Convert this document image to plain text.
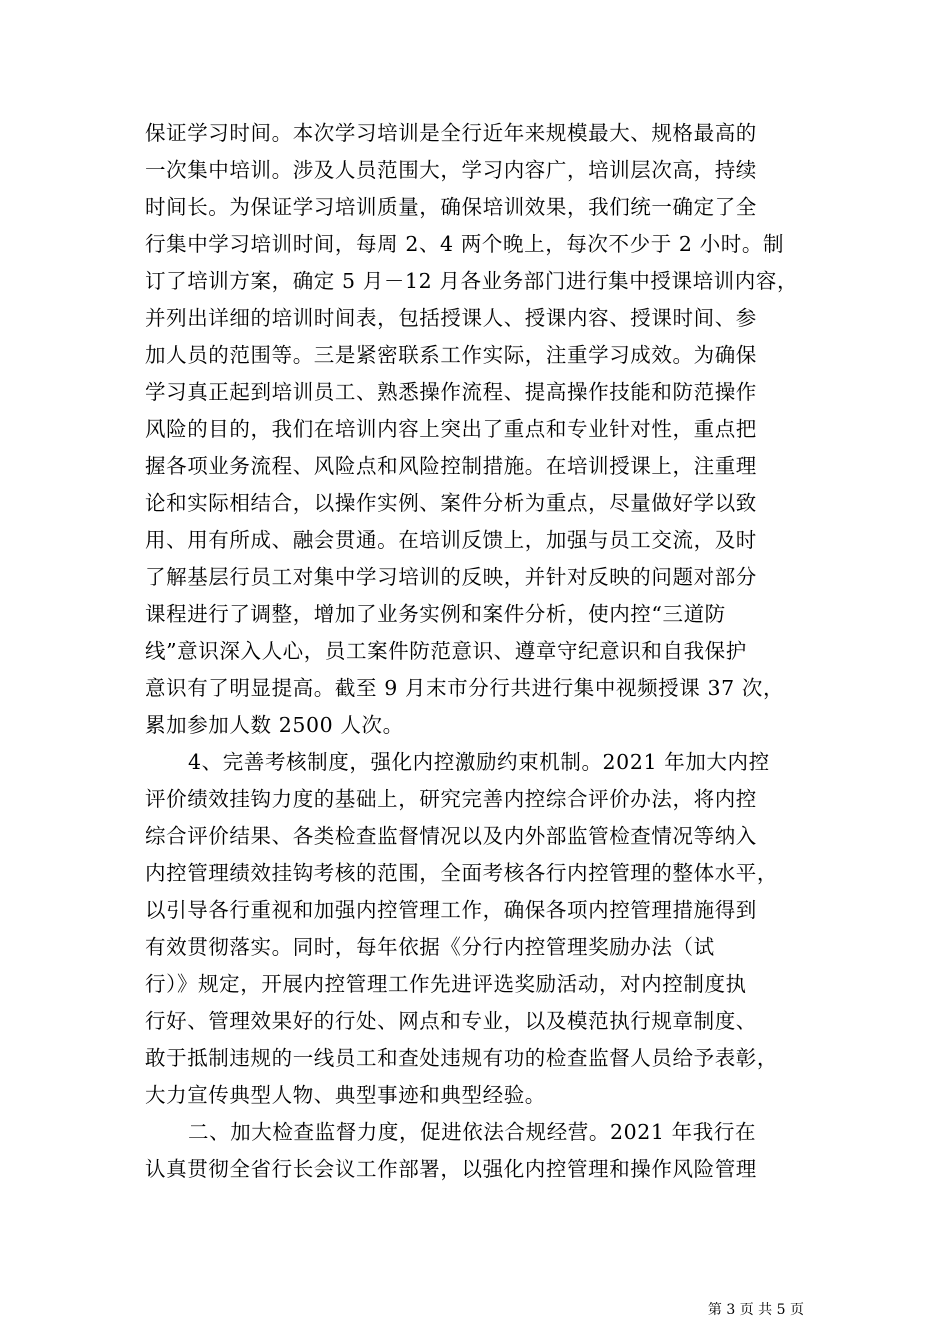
保证学习时间。本次学习培训是全行近年来规模最大、规格最高的
一次集中培训。涉及人员范围大，学习内容广，培训层次高，持续
时间长。为保证学习培训质量，确保培训效果，我们统一确定了全
行集中学习培训时间，每周 2、4 两个晚上，每次不少于 2 小时。制
订了培训方案，确定 5 月－12 月各业务部门进行集中授课培训内容，
并列出详细的培训时间表，包括授课人、授课内容、授课时间、参
加人员的范围等。三是紧密联系工作实际，注重学习成效。为确保
学习真正起到培训员工、熟悉操作流程、提高操作技能和防范操作
风险的目的，我们在培训内容上突出了重点和专业针对性，重点把
握各项业务流程、风险点和风险控制措施。在培训授课上，注重理
论和实际相结合，以操作实例、案件分析为重点，尽量做好学以致
用、用有所成、融会贯通。在培训反馈上，加强与员工交流，及时
了解基层行员工对集中学习培训的反映，并针对反映的问题对部分
课程进行了调整，增加了业务实例和案件分析，使内控“三道防
线”意识深入人心，员工案件防范意识、遵章守纪意识和自我保护
意识有了明显提高。截至 9 月末市分行共进行集中视频授课 37 次，
累加参加人数 2500 人次。
4、完善考核制度，强化内控激励约束机制。2021 年加大内控
评价绩效挂钩力度的基础上，研究完善内控综合评价办法，将内控
综合评价结果、各类检查监督情况以及内外部监管检查情况等纳入
内控管理绩效挂钩考核的范围，全面考核各行内控管理的整体水平，
以引导各行重视和加强内控管理工作，确保各项内控管理措施得到
有效贯彻落实。同时，每年依据《分行内控管理奖励办法（试
行）》规定，开展内控管理工作先进评选奖励活动，对内控制度执
行好、管理效果好的行处、网点和专业，以及模范执行规章制度、
敢于抵制违规的一线员工和查处违规有功的检查监督人员给予表彰，
大力宣传典型人物、典型事迹和典型经验。
二、加大检查监督力度，促进依法合规经营。2021 年我行在
认真贯彻全省行长会议工作部署，以强化内控管理和操作风险管理
第 3 页 共 5 页
